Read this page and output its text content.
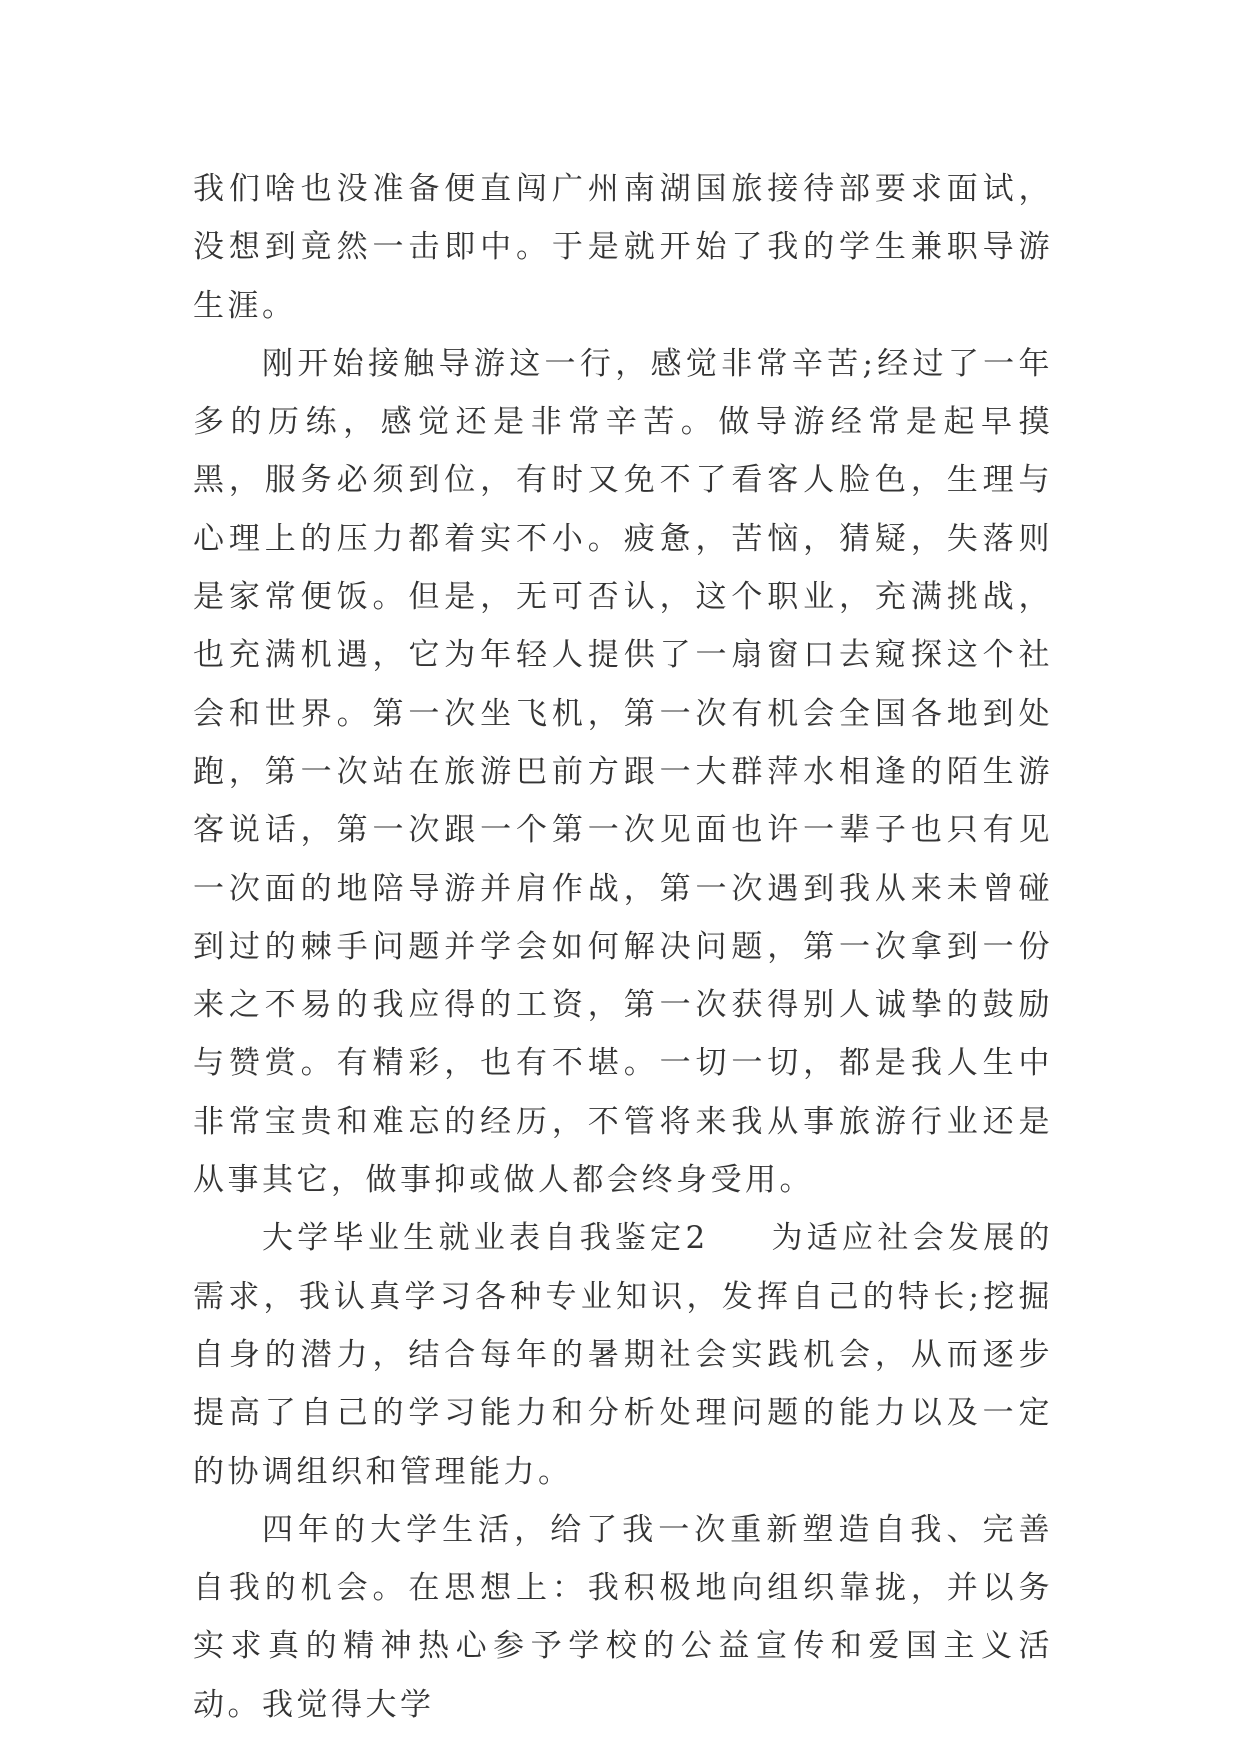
我们啥也没准备便直闯广州南湖国旅接待部要求面试，没想到竟然一击即中。于是就开始了我的学生兼职导游生涯。

刚开始接触导游这一行，感觉非常辛苦;经过了一年多的历练，感觉还是非常辛苦。做导游经常是起早摸黑，服务必须到位，有时又免不了看客人脸色，生理与心理上的压力都着实不小。疲惫，苦恼，猜疑，失落则是家常便饭。但是，无可否认，这个职业，充满挑战，也充满机遇，它为年轻人提供了一扇窗口去窥探这个社会和世界。第一次坐飞机，第一次有机会全国各地到处跑，第一次站在旅游巴前方跟一大群萍水相逢的陌生游客说话，第一次跟一个第一次见面也许一辈子也只有见一次面的地陪导游并肩作战，第一次遇到我从来未曾碰到过的棘手问题并学会如何解决问题，第一次拿到一份来之不易的我应得的工资，第一次获得别人诚挚的鼓励与赞赏。有精彩，也有不堪。一切一切，都是我人生中非常宝贵和难忘的经历，不管将来我从事旅游行业还是从事其它，做事抑或做人都会终身受用。

大学毕业生就业表自我鉴定2 为适应社会发展的需求，我认真学习各种专业知识，发挥自己的特长;挖掘自身的潜力，结合每年的暑期社会实践机会，从而逐步提高了自己的学习能力和分析处理问题的能力以及一定的协调组织和管理能力。

四年的大学生活，给了我一次重新塑造自我、完善自我的机会。在思想上：我积极地向组织靠拢，并以务实求真的精神热心参予学校的公益宣传和爱国主义活动。我觉得大学
